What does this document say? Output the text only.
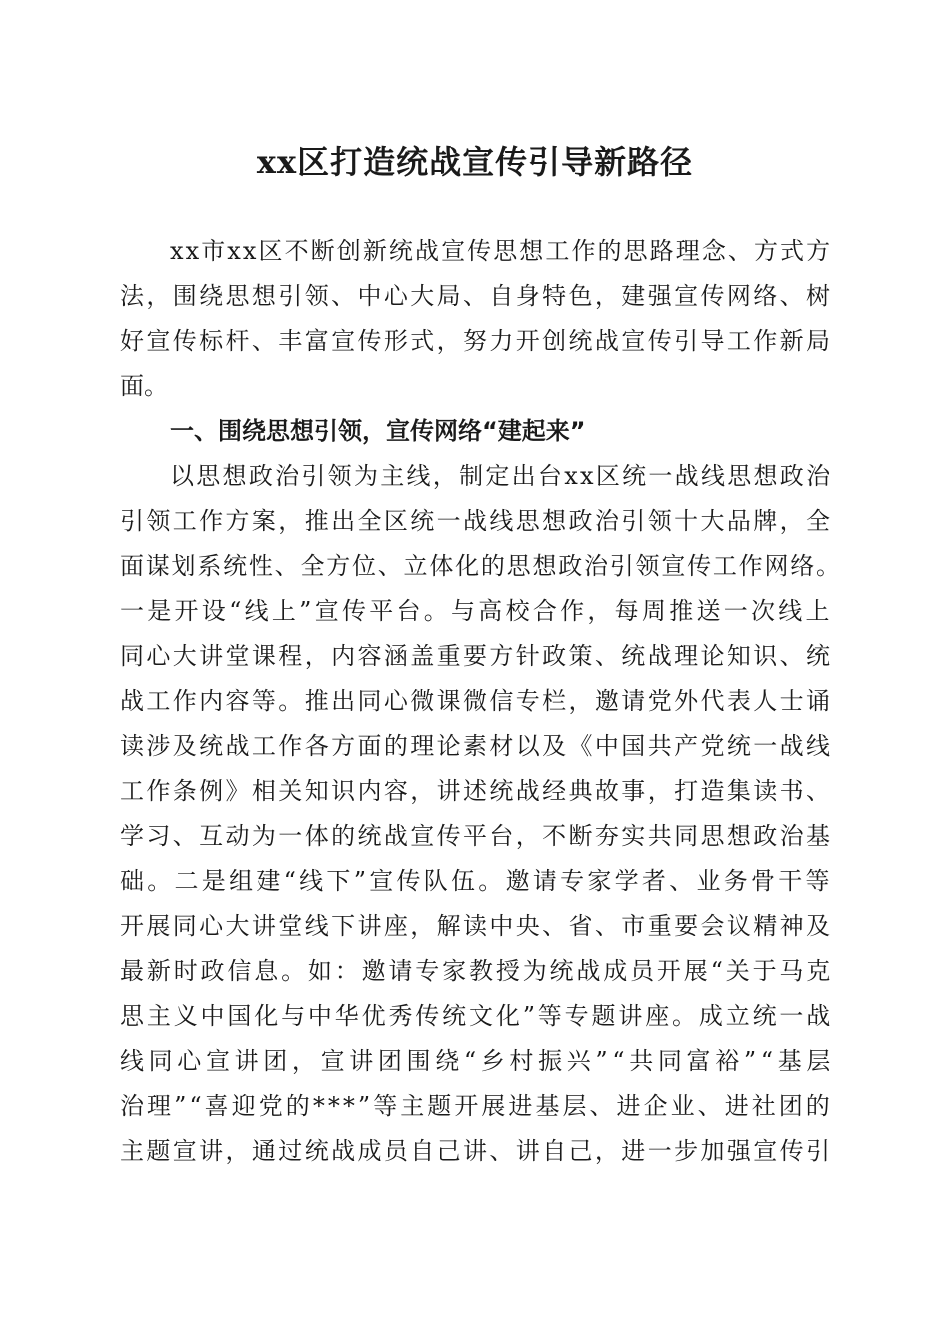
xx区打造统战宣传引导新路径
xx市xx区不断创新统战宣传思想工作的思路理念、方式方
法，围绕思想引领、中心大局、自身特色，建强宣传网络、树
好宣传标杆、丰富宣传形式，努力开创统战宣传引导工作新局
面。
一、围绕思想引领，宣传网络“建起来”
以思想政治引领为主线，制定出台xx区统一战线思想政治
引领工作方案，推出全区统一战线思想政治引领十大品牌，全
面谋划系统性、全方位、立体化的思想政治引领宣传工作网络。
一是开设“线上”宣传平台。与高校合作，每周推送一次线上
同心大讲堂课程，内容涵盖重要方针政策、统战理论知识、统
战工作内容等。推出同心微课微信专栏，邀请党外代表人士诵
读涉及统战工作各方面的理论素材以及《中国共产党统一战线
工作条例》相关知识内容，讲述统战经典故事，打造集读书、
学习、互动为一体的统战宣传平台，不断夯实共同思想政治基
础。二是组建“线下”宣传队伍。邀请专家学者、业务骨干等
开展同心大讲堂线下讲座，解读中央、省、市重要会议精神及
最新时政信息。如：邀请专家教授为统战成员开展“关于马克
思主义中国化与中华优秀传统文化”等专题讲座。成立统一战
线同心宣讲团，宣讲团围绕“乡村振兴”“共同富裕”“基层
治理”“喜迎党的***”等主题开展进基层、进企业、进社团的
主题宣讲，通过统战成员自己讲、讲自己，进一步加强宣传引
